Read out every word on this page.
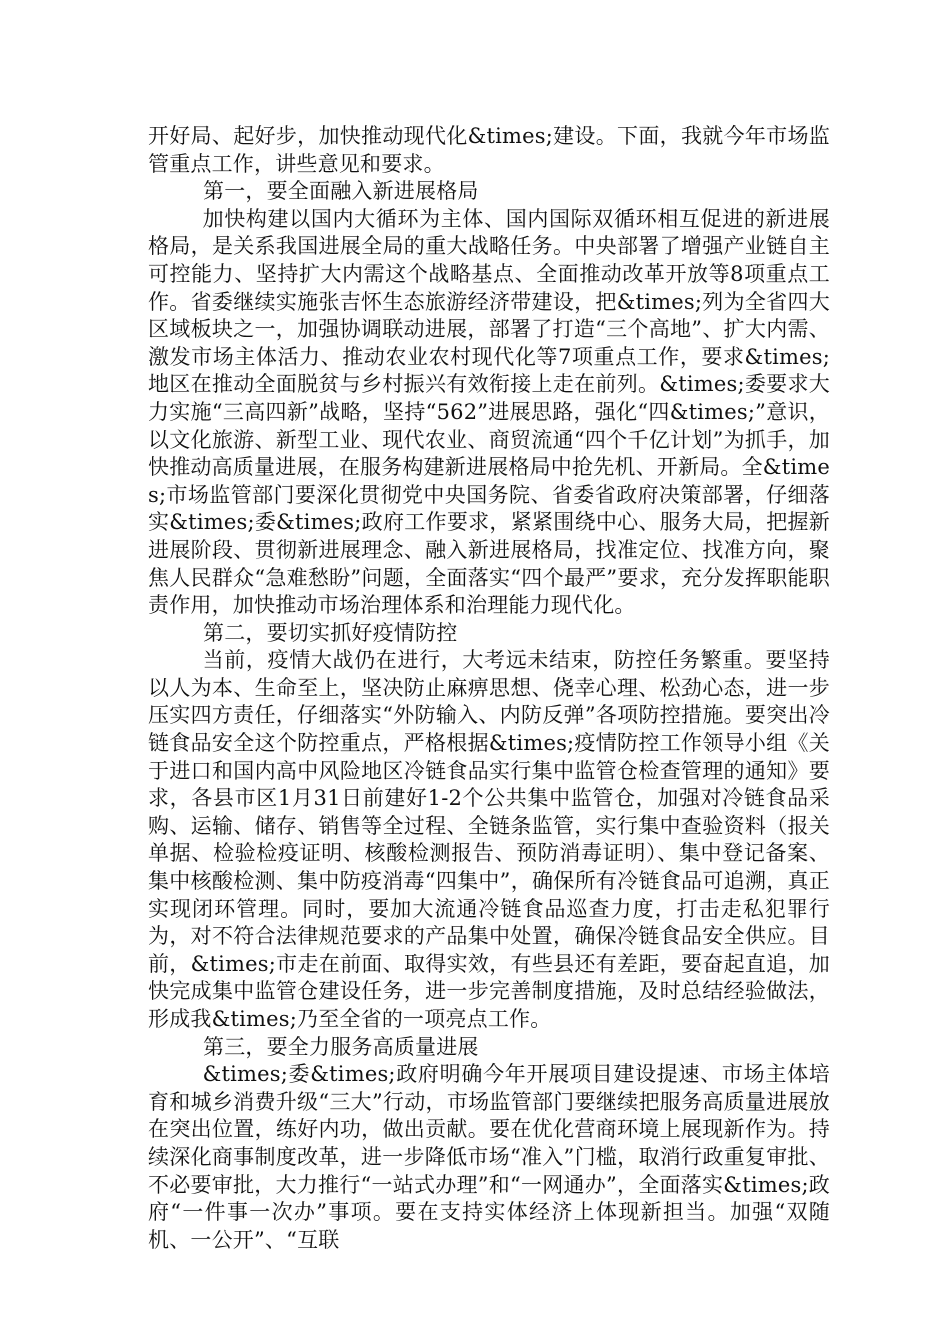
开好局、起好步，加快推动现代化&times;建设。下面，我就今年市场监管重点工作，讲些意见和要求。

第一，要全面融入新进展格局

加快构建以国内大循环为主体、国内国际双循环相互促进的新进展格局，是关系我国进展全局的重大战略任务。中央部署了增强产业链自主可控能力、坚持扩大内需这个战略基点、全面推动改革开放等8项重点工作。省委继续实施张吉怀生态旅游经济带建设，把&times;列为全省四大区域板块之一，加强协调联动进展，部署了打造“三个高地”、扩大内需、激发市场主体活力、推动农业农村现代化等7项重点工作，要求&times;地区在推动全面脱贫与乡村振兴有效衔接上走在前列。&times;委要求大力实施“三高四新”战略，坚持“562”进展思路，强化“四&times;”意识，以文化旅游、新型工业、现代农业、商贸流通“四个千亿计划”为抓手，加快推动高质量进展，在服务构建新进展格局中抢先机、开新局。全&times;市场监管部门要深化贯彻党中央国务院、省委省政府决策部署，仔细落实&times;委&times;政府工作要求，紧紧围绕中心、服务大局，把握新进展阶段、贯彻新进展理念、融入新进展格局，找准定位、找准方向，聚焦人民群众“急难愁盼”问题，全面落实“四个最严”要求，充分发挥职能职责作用，加快推动市场治理体系和治理能力现代化。

第二，要切实抓好疫情防控

当前，疫情大战仍在进行，大考远未结束，防控任务繁重。要坚持以人为本、生命至上，坚决防止麻痹思想、侥幸心理、松劲心态，进一步压实四方责任，仔细落实“外防输入、内防反弹”各项防控措施。要突出冷链食品安全这个防控重点，严格根据&times;疫情防控工作领导小组《关于进口和国内高中风险地区冷链食品实行集中监管仓检查管理的通知》要求，各县市区1月31日前建好1-2个公共集中监管仓，加强对冷链食品采购、运输、储存、销售等全过程、全链条监管，实行集中查验资料（报关单据、检验检疫证明、核酸检测报告、预防消毒证明）、集中登记备案、集中核酸检测、集中防疫消毒“四集中”，确保所有冷链食品可追溯，真正实现闭环管理。同时，要加大流通冷链食品巡查力度，打击走私犯罪行为，对不符合法律规范要求的产品集中处置，确保冷链食品安全供应。目前，&times;市走在前面、取得实效，有些县还有差距，要奋起直追，加快完成集中监管仓建设任务，进一步完善制度措施，及时总结经验做法，形成我&times;乃至全省的一项亮点工作。

第三，要全力服务高质量进展

&times;委&times;政府明确今年开展项目建设提速、市场主体培育和城乡消费升级“三大”行动，市场监管部门要继续把服务高质量进展放在突出位置，练好内功，做出贡献。要在优化营商环境上展现新作为。持续深化商事制度改革，进一步降低市场“准入”门槛，取消行政重复审批、不必要审批，大力推行“一站式办理”和“一网通办”，全面落实&times;政府“一件事一次办”事项。要在支持实体经济上体现新担当。加强“双随机、一公开”、“互联
